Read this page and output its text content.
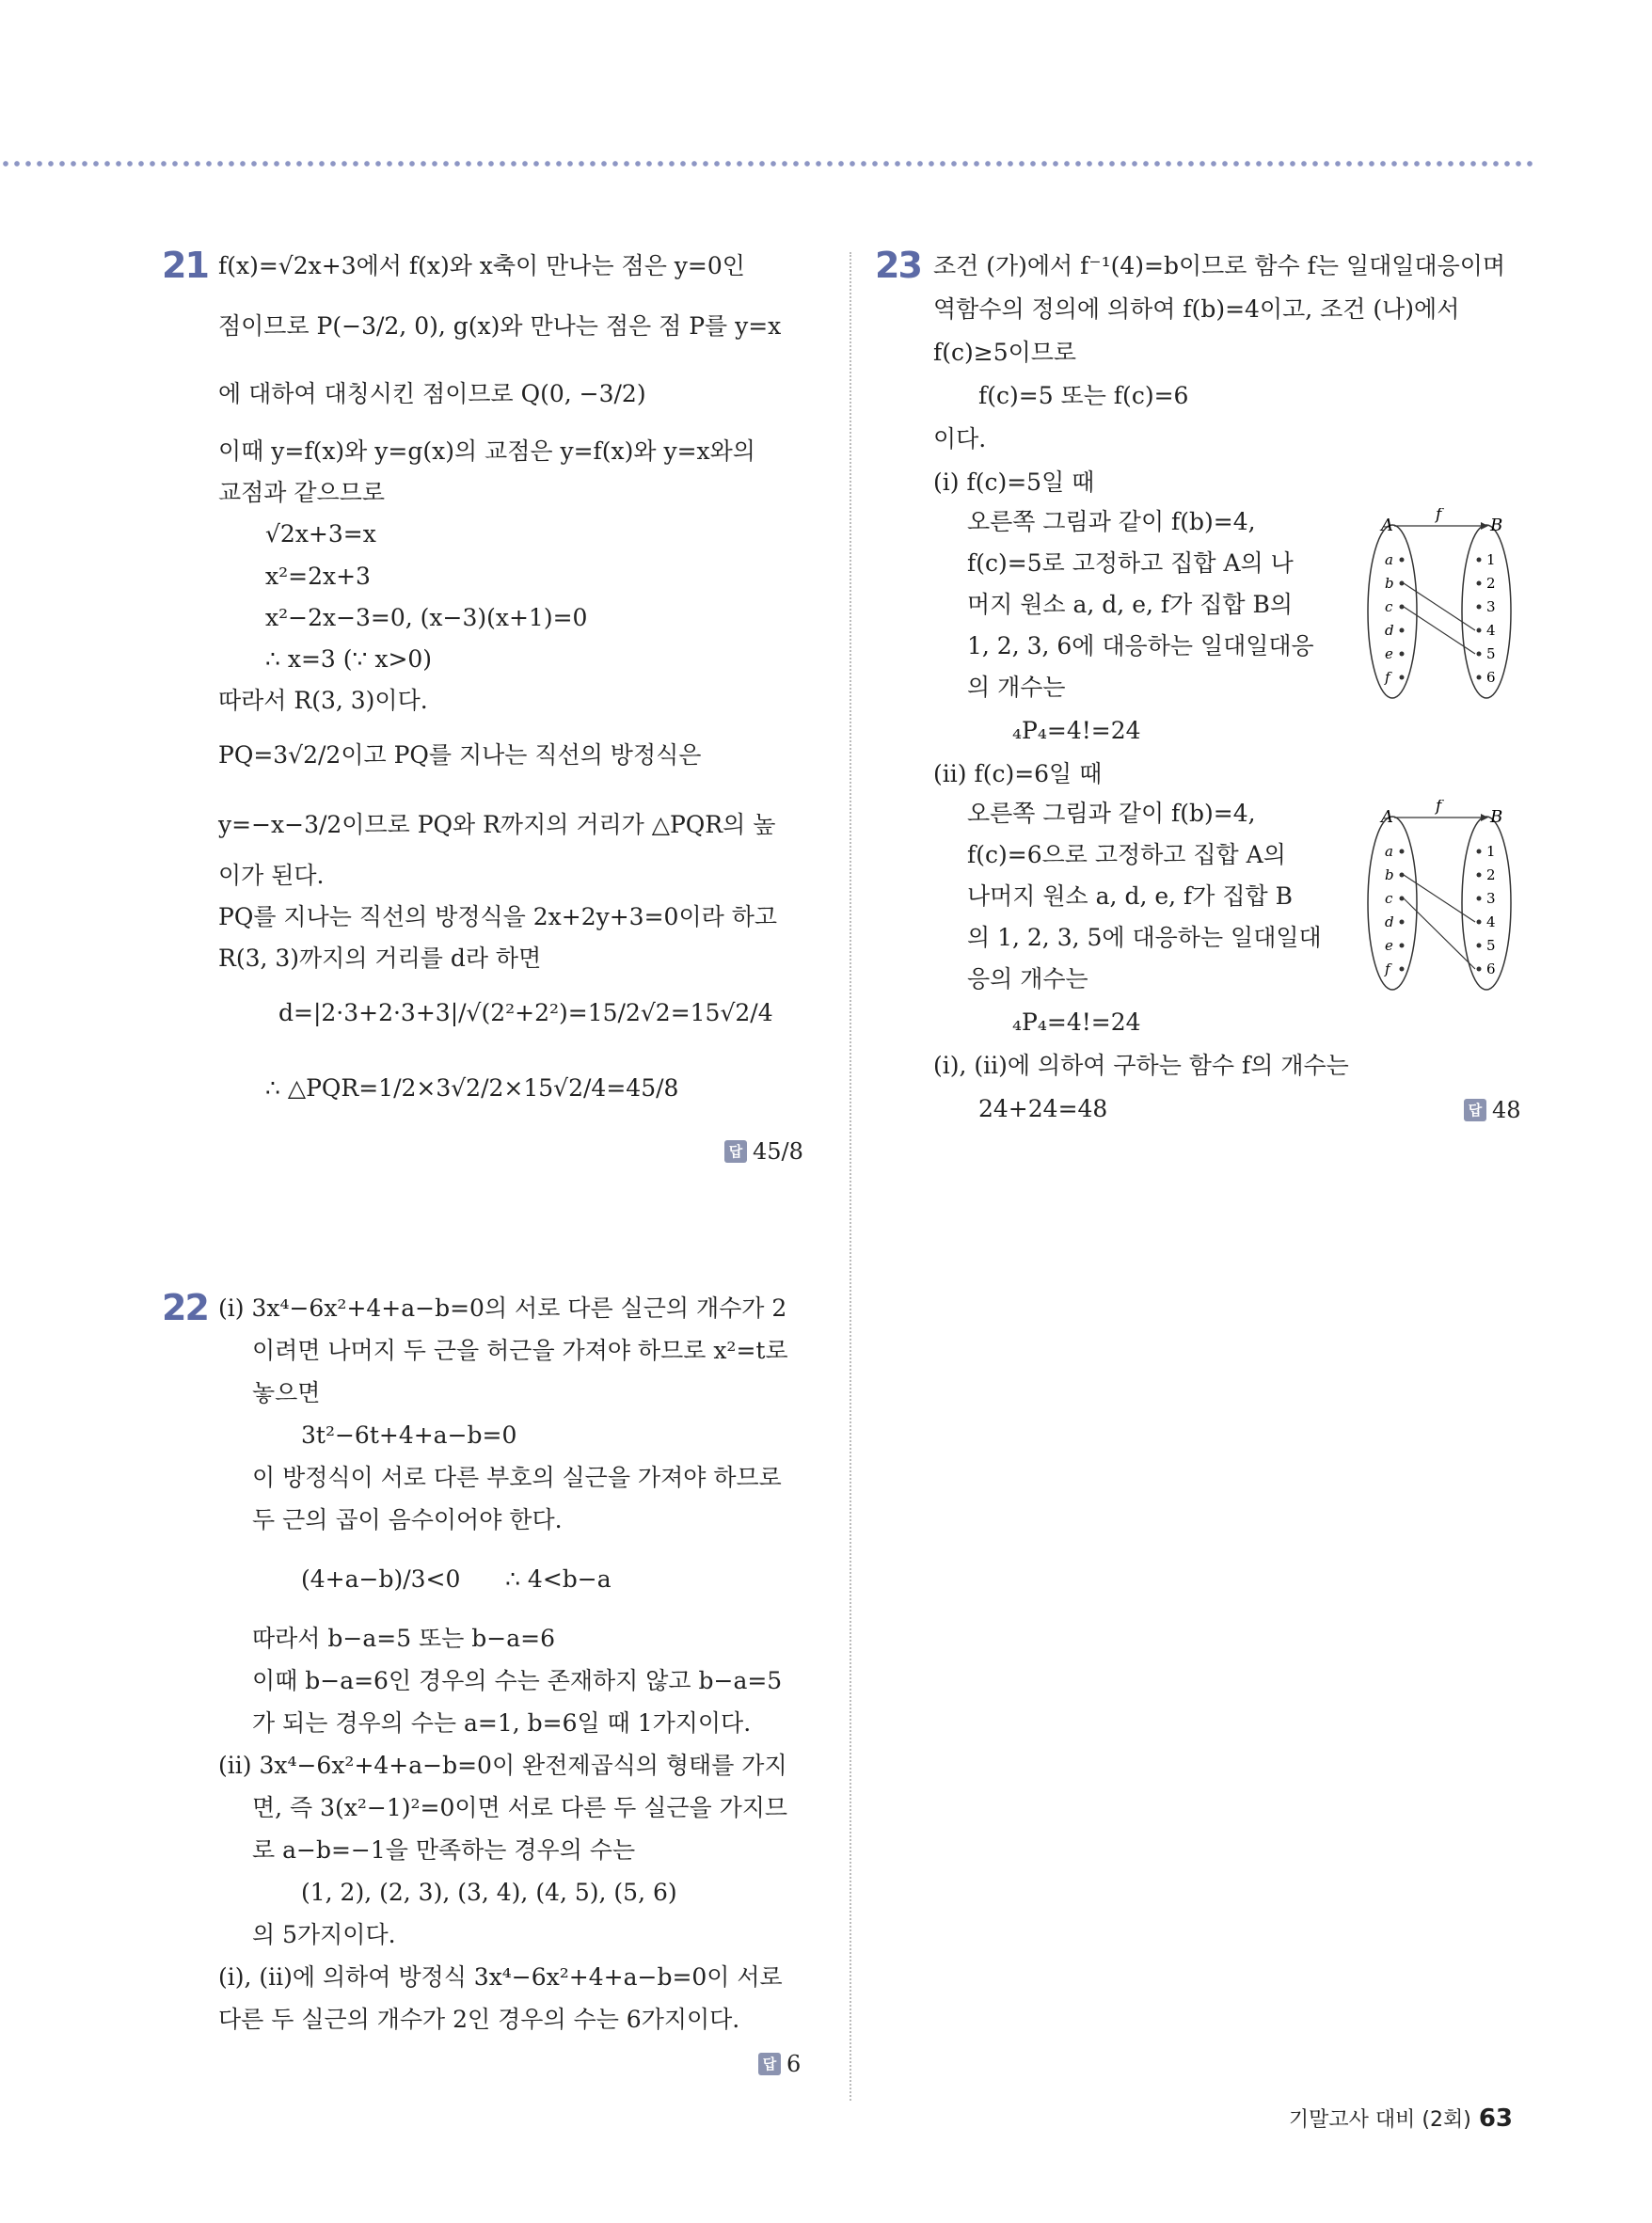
21 f(x)=√2x+3에서 f(x)와 x축이 만나는 점은 y=0인
점이므로 P(−3/2, 0), g(x)와 만나는 점은 점 P를 y=x
에 대하여 대칭시킨 점이므로 Q(0, −3/2)
이때 y=f(x)와 y=g(x)의 교점은 y=f(x)와 y=x와의
교점과 같으므로
√2x+3=x
x²=2x+3
x²−2x−3=0, (x−3)(x+1)=0
∴ x=3 (∵ x>0)
따라서 R(3, 3)이다.
PQ=3√2/2이고 PQ를 지나는 직선의 방정식은
y=−x−3/2이므로 PQ와 R까지의 거리가 △PQR의 높
이가 된다.
PQ를 지나는 직선의 방정식을 2x+2y+3=0이라 하고
R(3, 3)까지의 거리를 d라 하면
d=|2·3+2·3+3|/√(2²+2²)=15/2√2=15√2/4
∴ △PQR=1/2×3√2/2×15√2/4=45/8
답 45/8
22 (i) 3x⁴−6x²+4+a−b=0의 서로 다른 실근의 개수가 2
이려면 나머지 두 근을 허근을 가져야 하므로 x²=t로
놓으면
3t²−6t+4+a−b=0
이 방정식이 서로 다른 부호의 실근을 가져야 하므로
두 근의 곱이 음수이어야 한다.
(4+a−b)/3<0      ∴ 4<b−a
따라서 b−a=5 또는 b−a=6
이때 b−a=6인 경우의 수는 존재하지 않고 b−a=5
가 되는 경우의 수는 a=1, b=6일 때 1가지이다.
(ii) 3x⁴−6x²+4+a−b=0이 완전제곱식의 형태를 가지
면, 즉 3(x²−1)²=0이면 서로 다른 두 실근을 가지므
로 a−b=−1을 만족하는 경우의 수는
(1, 2), (2, 3), (3, 4), (4, 5), (5, 6)
의 5가지이다.
(i), (ii)에 의하여 방정식 3x⁴−6x²+4+a−b=0이 서로
다른 두 실근의 개수가 2인 경우의 수는 6가지이다.
답 6
23 조건 (가)에서 f⁻¹(4)=b이므로 함수 f는 일대일대응이며
역함수의 정의에 의하여 f(b)=4이고, 조건 (나)에서
f(c)≥5이므로
f(c)=5 또는 f(c)=6
이다.
(i) f(c)=5일 때
오른쪽 그림과 같이 f(b)=4,
f(c)=5로 고정하고 집합 A의 나
머지 원소 a, d, e, f가 집합 B의
1, 2, 3, 6에 대응하는 일대일대응
의 개수는
₄P₄=4!=24
(ii) f(c)=6일 때
오른쪽 그림과 같이 f(b)=4,
f(c)=6으로 고정하고 집합 A의
나머지 원소 a, d, e, f가 집합 B
의 1, 2, 3, 5에 대응하는 일대일대
응의 개수는
₄P₄=4!=24
(i), (ii)에 의하여 구하는 함수 f의 개수는
24+24=48	답 48
A	B
f
a
b
c
d
e
f
1
2
3
4
5
6
A	B
f
a
b
c
d
e
f
1
2
3
4
5
6
기말고사 대비 (2회) 63
